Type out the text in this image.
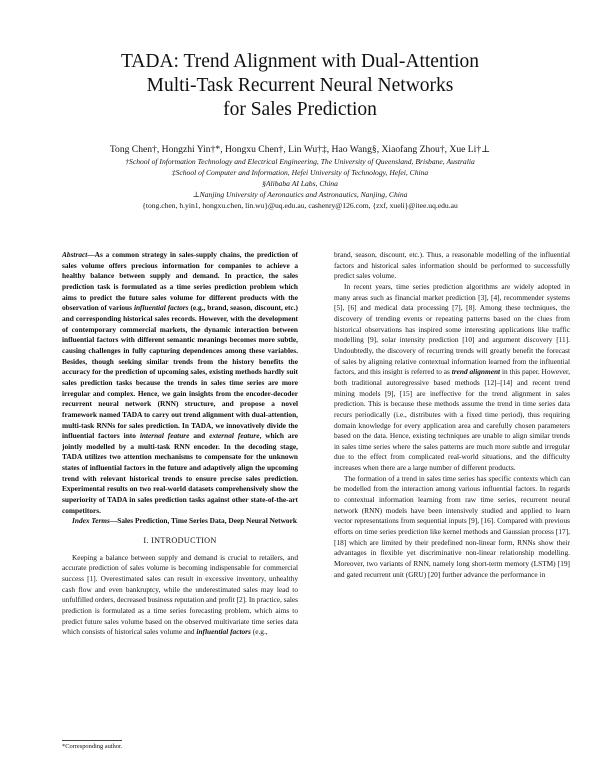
TADA: Trend Alignment with Dual-Attention
Multi-Task Recurrent Neural Networks
for Sales Prediction
Tong Chen†, Hongzhi Yin†*, Hongxu Chen†, Lin Wu†‡, Hao Wang§, Xiaofang Zhou†, Xue Li†⊥
†School of Information Technology and Electrical Engineering, The University of Queensland, Brisbane, Australia
‡School of Computer and Information, Hefei University of Technology, Hefei, China
§Alibaba AI Labs, China
⊥Nanjing University of Aeronautics and Astronautics, Nanjing, China
{tong.chen, h.yin1, hongxu.chen, lin.wu}@uq.edu.au, cashenry@126.com, {zxf, xueli}@itee.uq.edu.au

Abstract—As a common strategy in sales-supply chains, the prediction of sales volume offers precious information for companies to achieve a healthy balance between supply and demand. In practice, the sales prediction task is formulated as a time series prediction problem which aims to predict the future sales volume for different products with the observation of various influential factors (e.g., brand, season, discount, etc.) and corresponding historical sales records. However, with the development of contemporary commercial markets, the dynamic interaction between influential factors with different semantic meanings becomes more subtle, causing challenges in fully capturing dependences among these variables. Besides, though seeking similar trends from the history benefits the accuracy for the prediction of upcoming sales, existing methods hardly suit sales prediction tasks because the trends in sales time series are more irregular and complex. Hence, we gain insights from the encoder-decoder recurrent neural network (RNN) structure, and propose a novel framework named TADA to carry out trend alignment with dual-attention, multi-task RNNs for sales prediction. In TADA, we innovatively divide the influential factors into internal feature and external feature, which are jointly modelled by a multi-task RNN encoder. In the decoding stage, TADA utilizes two attention mechanisms to compensate for the unknown states of influential factors in the future and adaptively align the upcoming trend with relevant historical trends to ensure precise sales prediction. Experimental results on two real-world datasets comprehensively show the superiority of TADA in sales prediction tasks against other state-of-the-art competitors.

Index Terms—Sales Prediction, Time Series Data, Deep Neural Network

I. INTRODUCTION

Keeping a balance between supply and demand is crucial to retailers, and accurate prediction of sales volume is becoming indispensable for commercial success [1]. Overestimated sales can result in excessive inventory, unhealthy cash flow and even bankruptcy, while the underestimated sales may lead to unfulfilled orders, decreased business reputation and profit [2]. In practice, sales prediction is formulated as a time series forecasting problem, which aims to predict future sales volume based on the observed multivariate time series data which consists of historical sales volume and influential factors (e.g.,

brand, season, discount, etc.). Thus, a reasonable modelling of the influential factors and historical sales information should be performed to successfully predict sales volume.

In recent years, time series prediction algorithms are widely adopted in many areas such as financial market prediction [3], [4], recommender systems [5], [6] and medical data processing [7], [8]. Among these techniques, the discovery of trending events or repeating patterns based on the clues from historical observations has inspired some interesting applications like traffic modelling [9], solar intensity prediction [10] and argument discovery [11]. Undoubtedly, the discovery of recurring trends will greatly benefit the forecast of sales by aligning relative contextual information learned from the influential factors, and this insight is referred to as trend alignment in this paper. However, both traditional autoregressive based methods [12]–[14] and recent trend mining models [9], [15] are ineffective for the trend alignment in sales prediction. This is because these methods assume the trend in time series data recurs periodically (i.e., distributes with a fixed time period), thus requiring domain knowledge for every application area and carefully chosen parameters based on the data. Hence, existing techniques are unable to align similar trends in sales time series where the sales patterns are much more subtle and irregular due to the effect from complicated real-world situations, and the difficulty increases when there are a large number of different products.

The formation of a trend in sales time series has specific contexts which can be modelled from the interaction among various influential factors. In regards to contextual information learning from raw time series, recurrent neural network (RNN) models have been intensively studied and applied to learn vector representations from sequential inputs [9], [16]. Compared with previous efforts on time series prediction like kernel methods and Gaussian process [17], [18] which are limited by their predefined non-linear form, RNNs show their advantages in flexible yet discriminative non-linear relationship modelling. Moreover, two variants of RNN, namely long short-term memory (LSTM) [19] and gated recurrent unit (GRU) [20] further advance the performance in

*Corresponding author.
